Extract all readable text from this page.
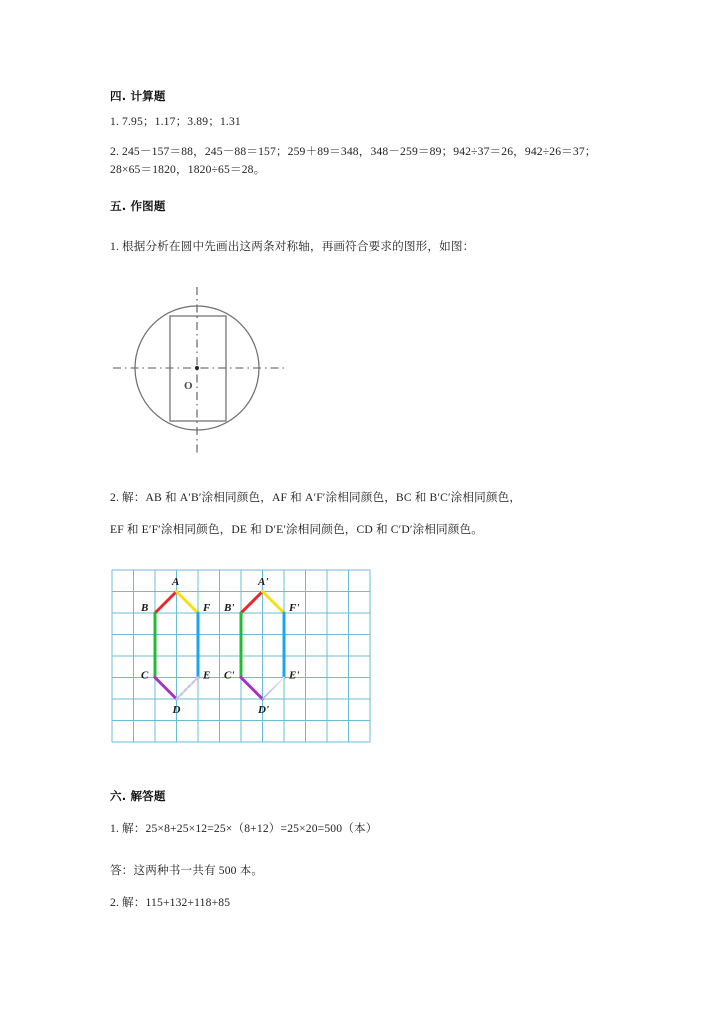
四. 计算题
1. 7.95；1.17；3.89；1.31
2. 245－157＝88，245－88＝157；259＋89＝348，348－259＝89；942÷37＝26，942÷26＝37；28×65＝1820，1820÷65＝28。
五. 作图题
1. 根据分析在圆中先画出这两条对称轴，再画符合要求的图形，如图：
O
2. 解：AB 和 A′B′涂相同颜色，AF 和 A′F′涂相同颜色，BC 和 B′C′涂相同颜色，
EF 和 E′F′涂相同颜色，DE 和 D′E′涂相同颜色，CD 和 C′D′涂相同颜色。
A
B
C
D
E
F
A'
B'
C'
D'
E'
F'
六. 解答题
1. 解：25×8+25×12=25×（8+12）=25×20=500（本）
答：这两种书一共有 500 本。
2. 解：115+132+118+85
